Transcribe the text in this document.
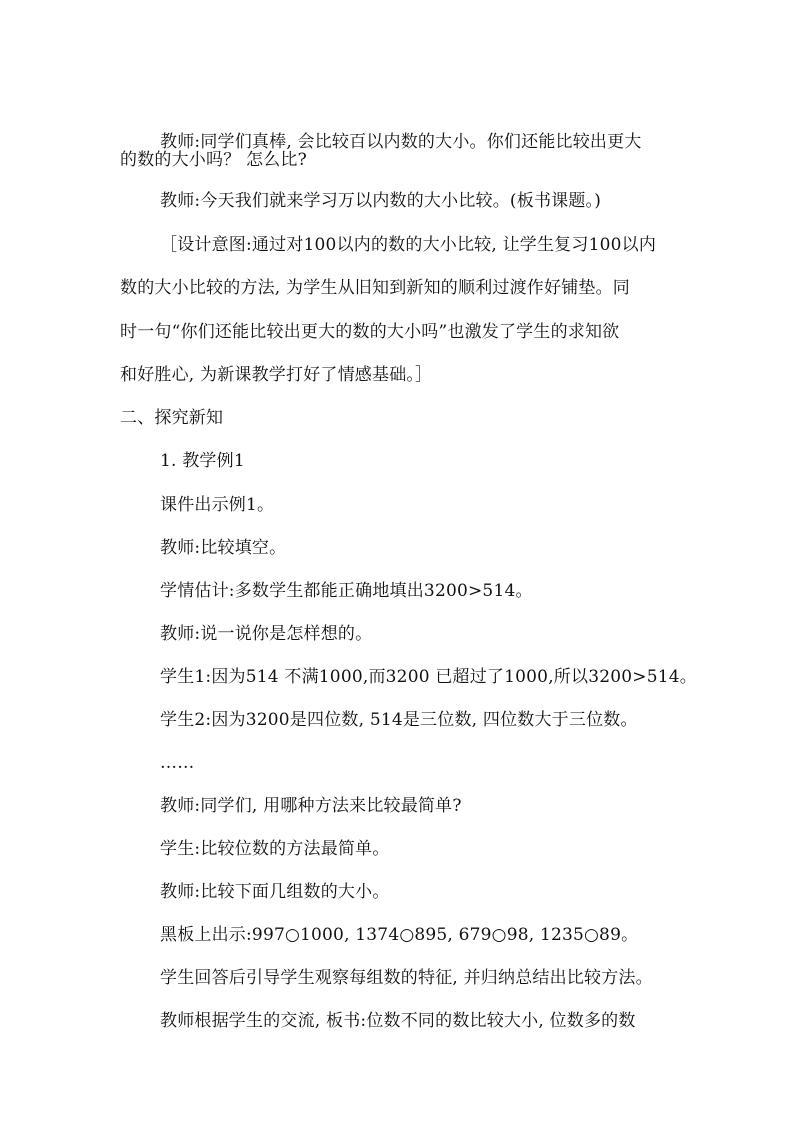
教师:同学们真棒, 会比较百以内数的大小。你们还能比较出更大
的数的大小吗？ 怎么比?
教师:今天我们就来学习万以内数的大小比较。(板书课题。)
［设计意图:通过对100以内的数的大小比较, 让学生复习100以内
数的大小比较的方法, 为学生从旧知到新知的顺利过渡作好铺垫。同
时一句“你们还能比较出更大的数的大小吗”也激发了学生的求知欲
和好胜心, 为新课教学打好了情感基础。］
二、探究新知
1. 教学例1
课件出示例1。
教师:比较填空。
学情估计:多数学生都能正确地填出3200>514。
教师:说一说你是怎样想的。
学生1:因为514 不满1000,而3200 已超过了1000,所以3200>514。
学生2:因为3200是四位数, 514是三位数, 四位数大于三位数。
……
教师:同学们, 用哪种方法来比较最简单?
学生:比较位数的方法最简单。
教师:比较下面几组数的大小。
黑板上出示:997○1000, 1374○895, 679○98, 1235○89。
学生回答后引导学生观察每组数的特征, 并归纳总结出比较方法。
教师根据学生的交流, 板书:位数不同的数比较大小, 位数多的数
